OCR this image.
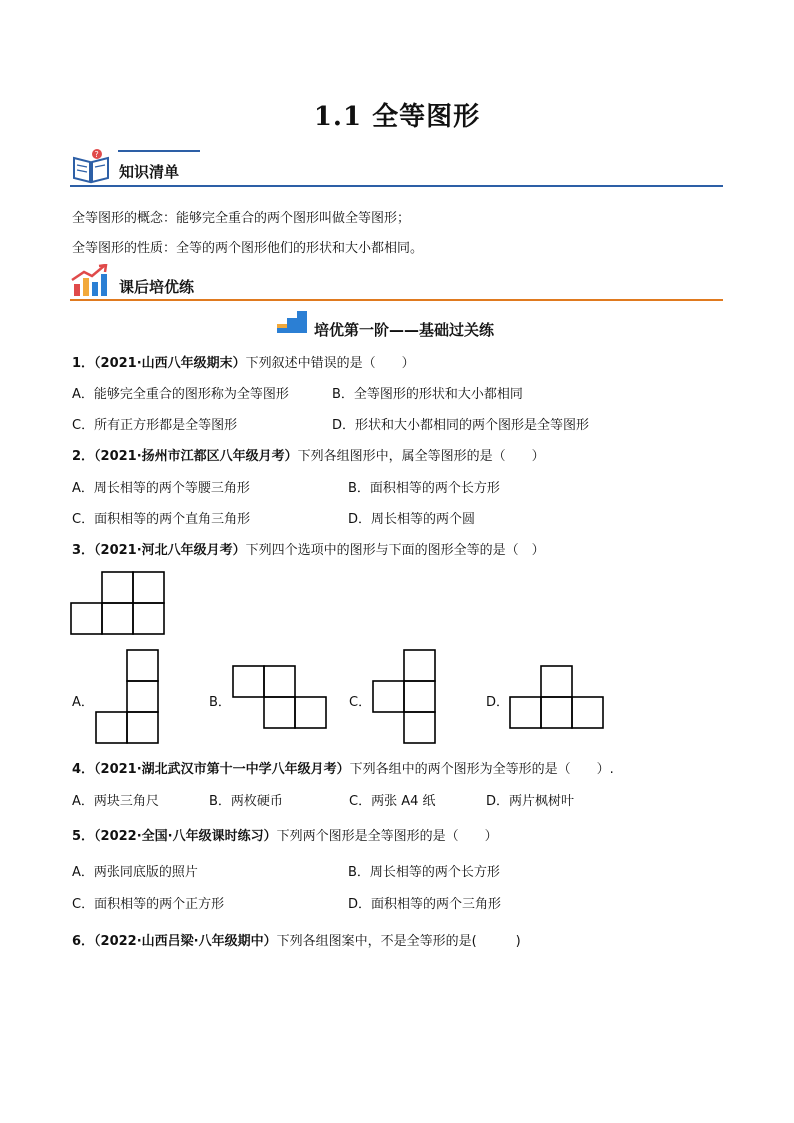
1.1 全等图形
?
知识清单
全等图形的概念：能够完全重合的两个图形叫做全等图形；
全等图形的性质：全等的两个图形他们的形状和大小都相同。
课后培优练
培优第一阶——基础过关练
1．（2021·山西八年级期末）下列叙述中错误的是（　　）
A．能够完全重合的图形称为全等图形	B．全等图形的形状和大小都相同
C．所有正方形都是全等图形	D．形状和大小都相同的两个图形是全等图形
2．（2021·扬州市江都区八年级月考）下列各组图形中，属全等图形的是（　　）
A．周长相等的两个等腰三角形	B．面积相等的两个长方形
C．面积相等的两个直角三角形	D．周长相等的两个圆
3．（2021·河北八年级月考）下列四个选项中的图形与下面的图形全等的是（　）
A．	B．	C．	D．
4．（2021·湖北武汉市第十一中学八年级月考）下列各组中的两个图形为全等形的是（　　）.
A．两块三角尺	B．两枚硬币	C．两张 A4 纸	D．两片枫树叶
5．（2022·全国·八年级课时练习）下列两个图形是全等图形的是（　　）
A．两张同底版的照片	B．周长相等的两个长方形
C．面积相等的两个正方形	D．面积相等的两个三角形
6．（2022·山西吕梁·八年级期中）下列各组图案中，不是全等形的是(　　　)
